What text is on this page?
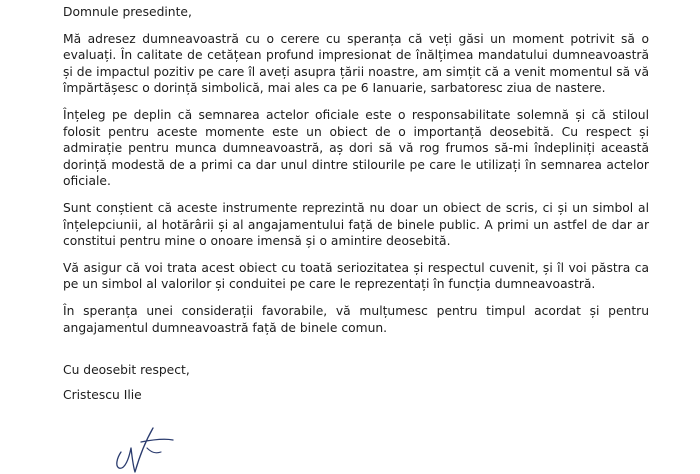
Domnule presedinte,

Mă adresez dumneavoastră cu o cerere cu speranța că veți găsi un moment potrivit să o evaluați. În calitate de cetățean profund impresionat de înălțimea mandatului dumneavoastră și de impactul pozitiv pe care îl aveți asupra țării noastre, am simțit că a venit momentul să vă împărtășesc o dorință simbolică, mai ales ca pe 6 Ianuarie, sarbatoresc ziua de nastere.

Înțeleg pe deplin că semnarea actelor oficiale este o responsabilitate solemnă și că stiloul folosit pentru aceste momente este un obiect de o importanță deosebită. Cu respect și admirație pentru munca dumneavoastră, aș dori să vă rog frumos să-mi îndepliniți această dorință modestă de a primi ca dar unul dintre stilourile pe care le utilizați în semnarea actelor oficiale.

Sunt conștient că aceste instrumente reprezintă nu doar un obiect de scris, ci și un simbol al înțelepciunii, al hotărârii și al angajamentului față de binele public. A primi un astfel de dar ar constitui pentru mine o onoare imensă și o amintire deosebită.

Vă asigur că voi trata acest obiect cu toată seriozitatea și respectul cuvenit, și îl voi păstra ca pe un simbol al valorilor și conduitei pe care le reprezentați în funcția dumneavoastră.

În speranța unei considerații favorabile, vă mulțumesc pentru timpul acordat și pentru angajamentul dumneavoastră față de binele comun.

Cu deosebit respect,

Cristescu Ilie
